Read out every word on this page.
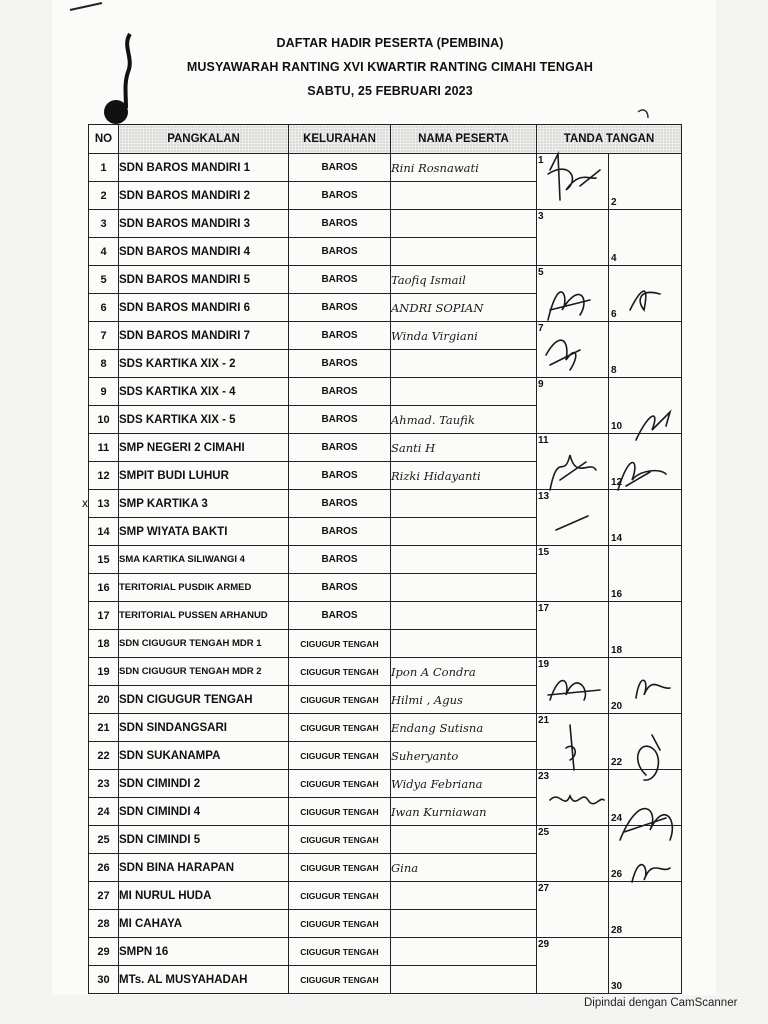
DAFTAR HADIR PESERTA (PEMBINA)
MUSYAWARAH RANTING XVI KWARTIR RANTING CIMAHI TENGAH
SABTU, 25 FEBRUARI 2023
NO	PANGKALAN	KELURAHAN	NAMA PESERTA	TANDA TANGAN	
1	SDN BAROS MANDIRI 1	BAROS	Rini Rosnawati	1	2

2	SDN BAROS MANDIRI 2	BAROS			
3	SDN BAROS MANDIRI 3	BAROS		3	4

4	SDN BAROS MANDIRI 4	BAROS			
5	SDN BAROS MANDIRI 5	BAROS	Taofiq Ismail	5	6

6	SDN BAROS MANDIRI 6	BAROS	ANDRI SOPIAN		
7	SDN BAROS MANDIRI 7	BAROS	Winda Virgiani	7	8

8	SDS KARTIKA XIX - 2	BAROS			
9	SDS KARTIKA XIX - 4	BAROS		9	10

10	SDS KARTIKA XIX - 5	BAROS	Ahmad. Taufik		
11	SMP NEGERI 2 CIMAHI	BAROS	Santi H	11	12

12	SMPIT BUDI LUHUR	BAROS	Rizki Hidayanti		
13	SMP KARTIKA 3	BAROS		13	14

14	SMP WIYATA BAKTI	BAROS			
15	SMA KARTIKA SILIWANGI 4	BAROS		15	16

16	TERITORIAL PUSDIK ARMED	BAROS			
17	TERITORIAL PUSSEN ARHANUD	BAROS		17	18

18	SDN CIGUGUR TENGAH MDR 1	CIGUGUR TENGAH			
19	SDN CIGUGUR TENGAH MDR 2	CIGUGUR TENGAH	Ipon A Condra	19	20

20	SDN CIGUGUR TENGAH	CIGUGUR TENGAH	Hilmi , Agus		
21	SDN SINDANGSARI	CIGUGUR TENGAH	Endang Sutisna	21	22

22	SDN SUKANAMPA	CIGUGUR TENGAH	Suheryanto		
23	SDN CIMINDI 2	CIGUGUR TENGAH	Widya Febriana	23	24

24	SDN CIMINDI 4	CIGUGUR TENGAH	Iwan Kurniawan		
25	SDN CIMINDI 5	CIGUGUR TENGAH		25	26

26	SDN BINA HARAPAN	CIGUGUR TENGAH	Gina		
27	MI NURUL HUDA	CIGUGUR TENGAH		27	28

28	MI CAHAYA	CIGUGUR TENGAH			
29	SMPN 16	CIGUGUR TENGAH		29	30

30	MTs. AL MUSYAHADAH	CIGUGUR TENGAH			
x
Dipindai dengan CamScanner
